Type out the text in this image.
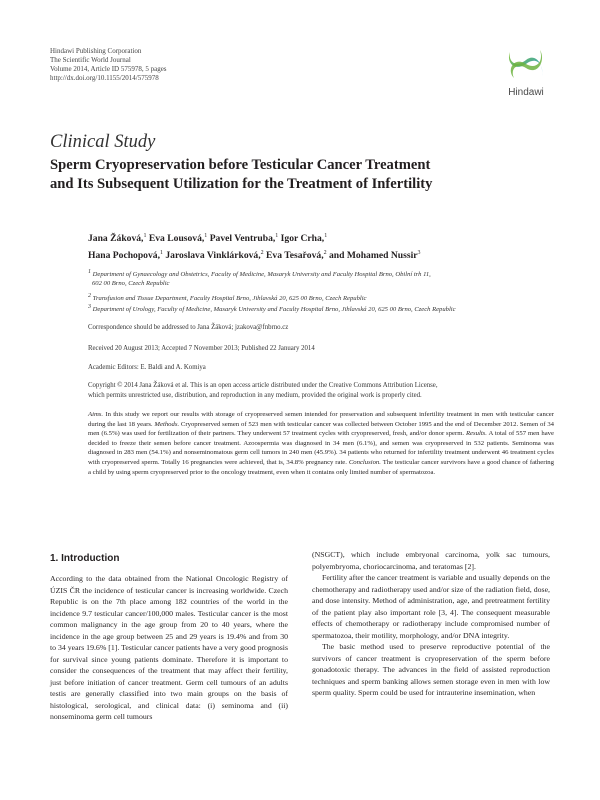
Hindawi Publishing Corporation
The Scientific World Journal
Volume 2014, Article ID 575978, 5 pages
http://dx.doi.org/10.1155/2014/575978
Hindawi
Clinical Study
Sperm Cryopreservation before Testicular Cancer Treatment
and Its Subsequent Utilization for the Treatment of Infertility
Jana Žáková,$^1$ Eva Lousová,$^1$ Pavel Ventruba,$^1$ Igor Crha,$^1$
Hana Pochopová,$^1$ Jaroslava Vinklárková,$^2$ Eva Tesařová,$^2$ and Mohamed Nussir$^3$
$^1$ Department of Gynaecology and Obstetrics, Faculty of Medicine, Masaryk University and Faculty Hospital Brno, Obilní trh 11,
602 00 Brno, Czech Republic
$^2$ Transfusion and Tissue Department, Faculty Hospital Brno, Jihlavská 20, 625 00 Brno, Czech Republic
$^3$ Department of Urology, Faculty of Medicine, Masaryk University and Faculty Hospital Brno, Jihlavská 20, 625 00 Brno, Czech Republic
Correspondence should be addressed to Jana Žáková; jzakova@fnbrno.cz
Received 20 August 2013; Accepted 7 November 2013; Published 22 January 2014
Academic Editors: E. Baldi and A. Komiya
Copyright © 2014 Jana Žáková et al. This is an open access article distributed under the Creative Commons Attribution License,
which permits unrestricted use, distribution, and reproduction in any medium, provided the original work is properly cited.
Aims. In this study we report our results with storage of cryopreserved semen intended for preservation and subsequent infertility treatment in men with testicular cancer during the last 18 years. Methods. Cryopreserved semen of 523 men with testicular cancer was collected between October 1995 and the end of December 2012. Semen of 34 men (6.5%) was used for fertilization of their partners. They underwent 57 treatment cycles with cryopreserved, fresh, and/or donor sperm. Results. A total of 557 men have decided to freeze their semen before cancer treatment. Azoospermia was diagnosed in 34 men (6.1%), and semen was cryopreserved in 532 patients. Seminoma was diagnosed in 283 men (54.1%) and nonseminomatous germ cell tumors in 240 men (45.9%). 34 patients who returned for infertility treatment underwent 46 treatment cycles with cryopreserved sperm. Totally 16 pregnancies were achieved, that is, 34.8% pregnancy rate. Conclusion. The testicular cancer survivors have a good chance of fathering a child by using sperm cryopreserved prior to the oncology treatment, even when it contains only limited number of spermatozoa.
1. Introduction

According to the data obtained from the National Oncologic Registry of ÚZIS ČR the incidence of testicular cancer is increasing worldwide. Czech Republic is on the 7th place among 182 countries of the world in the incidence 9.7 testicular cancer/100,000 males. Testicular cancer is the most common malignancy in the age group from 20 to 40 years, where the incidence in the age group between 25 and 29 years is 19.4% and from 30 to 34 years 19.6% [1]. Testicular cancer patients have a very good prognosis for survival since young patients dominate. Therefore it is important to consider the consequences of the treatment that may affect their fertility, just before initiation of cancer treatment. Germ cell tumours of an adults testis are generally classified into two main groups on the basis of histological, serological, and clinical data: (i) seminoma and (ii) nonseminoma germ cell tumours

(NSGCT), which include embryonal carcinoma, yolk sac tumours, polyembryoma, choriocarcinoma, and teratomas [2].

Fertility after the cancer treatment is variable and usually depends on the chemotherapy and radiotherapy used and/or size of the radiation field, dose, and dose intensity. Method of administration, age, and pretreatment fertility of the patient play also important role [3, 4]. The consequent measurable effects of chemotherapy or radiotherapy include compromised number of spermatozoa, their motility, morphology, and/or DNA integrity.

The basic method used to preserve reproductive potential of the survivors of cancer treatment is cryopreservation of the sperm before gonadotoxic therapy. The advances in the field of assisted reproduction techniques and sperm banking allows semen storage even in men with low sperm quality. Sperm could be used for intrauterine insemination, when
